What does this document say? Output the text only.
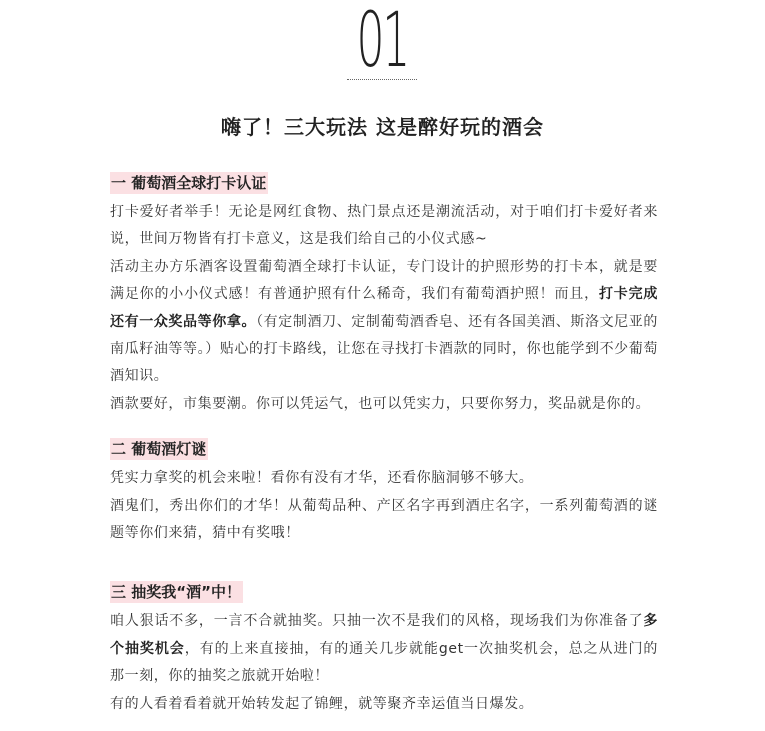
01
嗨了！三大玩法 这是醉好玩的酒会
一 葡萄酒全球打卡认证

打卡爱好者举手！无论是网红食物、热门景点还是潮流活动，对于咱们打卡爱好者来说，世间万物皆有打卡意义，这是我们给自己的小仪式感~

活动主办方乐酒客设置葡萄酒全球打卡认证，专门设计的护照形势的打卡本，就是要满足你的小小仪式感！有普通护照有什么稀奇，我们有葡萄酒护照！而且，打卡完成还有一众奖品等你拿。（有定制酒刀、定制葡萄酒香皂、还有各国美酒、斯洛文尼亚的南瓜籽油等等。）贴心的打卡路线，让您在寻找打卡酒款的同时，你也能学到不少葡萄酒知识。

酒款要好，市集要潮。你可以凭运气，也可以凭实力，只要你努力，奖品就是你的。

二 葡萄酒灯谜

凭实力拿奖的机会来啦！看你有没有才华，还看你脑洞够不够大。

酒鬼们，秀出你们的才华！从葡萄品种、产区名字再到酒庄名字，一系列葡萄酒的谜题等你们来猜，猜中有奖哦！

三 抽奖我“酒”中！

咱人狠话不多，一言不合就抽奖。只抽一次不是我们的风格，现场我们为你准备了多个抽奖机会，有的上来直接抽，有的通关几步就能get一次抽奖机会，总之从进门的那一刻，你的抽奖之旅就开始啦！

有的人看着看着就开始转发起了锦鲤，就等聚齐幸运值当日爆发。
